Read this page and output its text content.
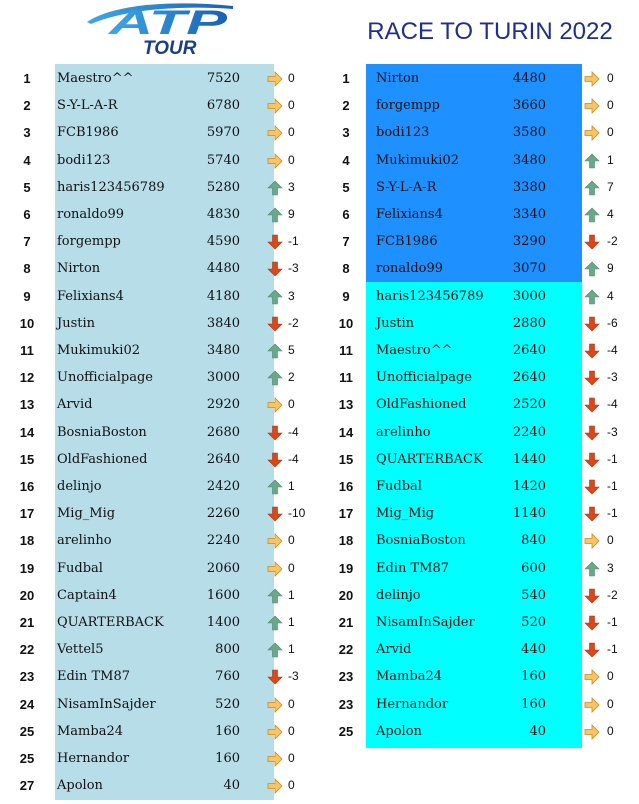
ATP
TOUR
RACE TO TURIN 2022
1	Maestro^^	7520	0
2	S-Y-L-A-R	6780	0
3	FCB1986	5970	0
4	bodi123	5740	0
5	haris123456789	5280	3
6	ronaldo99	4830	9
7	forgempp	4590	-1
8	Nirton	4480	-3
9	Felixians4	4180	3
10	Justin	3840	-2
11	Mukimuki02	3480	5
12	Unofficialpage	3000	2
13	Arvid	2920	0
14	BosniaBoston	2680	-4
15	OldFashioned	2640	-4
16	delinjo	2420	1
17	Mig_Mig	2260	-10
18	arelinho	2240	0
19	Fudbal	2060	0
20	Captain4	1600	1
21	QUARTERBACK	1400	1
22	Vettel5	800	1
23	Edin TM87	760	-3
24	NisamInSajder	520	0
25	Mamba24	160	0
25	Hernandor	160	0
27	Apolon	40	0
1	Nirton	4480	0
2	forgempp	3660	0
3	bodi123	3580	0
4	Mukimuki02	3480	1
5	S-Y-L-A-R	3380	7
6	Felixians4	3340	4
7	FCB1986	3290	-2
8	ronaldo99	3070	9
9	haris123456789	3000	4
10	Justin	2880	-6
11	Maestro^^	2640	-4
11	Unofficialpage	2640	-3
13	OldFashioned	2520	-4
14	arelinho	2240	-3
15	QUARTERBACK	1440	-1
16	Fudbal	1420	-1
17	Mig_Mig	1140	-1
18	BosniaBoston	840	0
19	Edin TM87	600	3
20	delinjo	540	-2
21	NisamInSajder	520	-1
22	Arvid	440	-1
23	Mamba24	160	0
23	Hernandor	160	0
25	Apolon	40	0
